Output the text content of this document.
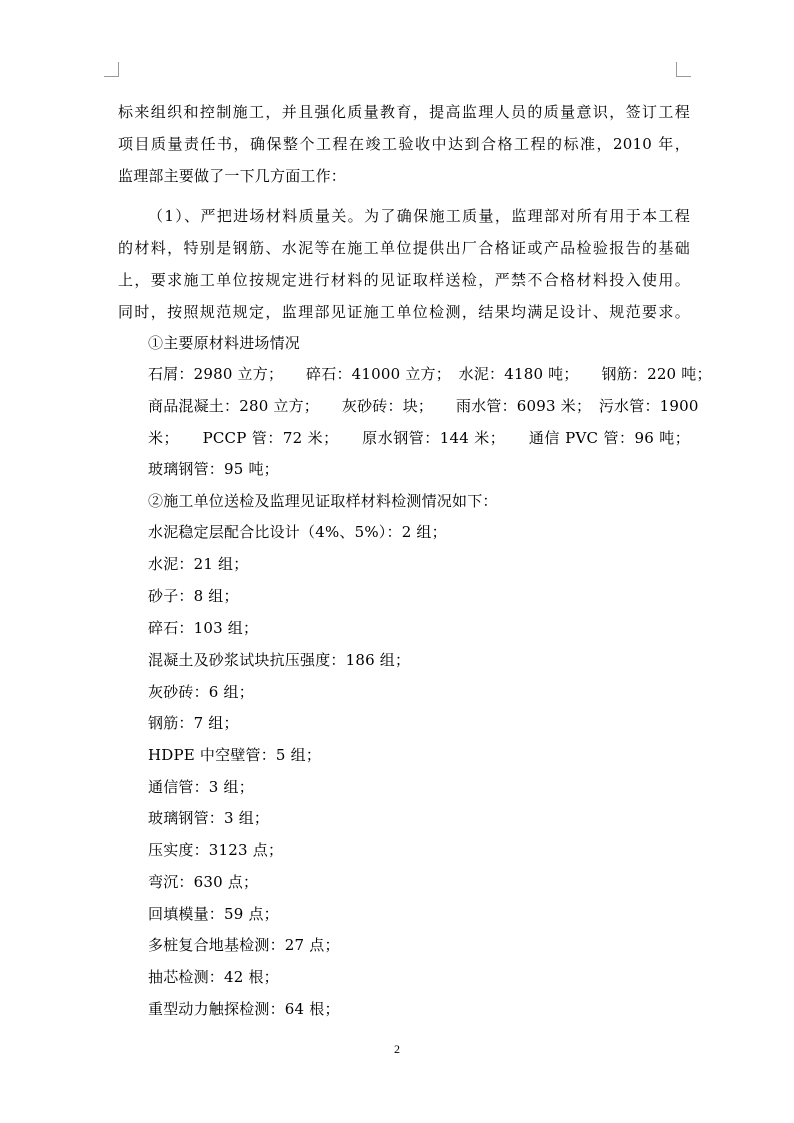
标来组织和控制施工，并且强化质量教育，提高监理人员的质量意识，签订工程
项目质量责任书，确保整个工程在竣工验收中达到合格工程的标准，2010 年，
监理部主要做了一下几方面工作：
（1）、严把进场材料质量关。为了确保施工质量，监理部对所有用于本工程
的材料，特别是钢筋、水泥等在施工单位提供出厂合格证或产品检验报告的基础
上，要求施工单位按规定进行材料的见证取样送检，严禁不合格材料投入使用。
同时，按照规范规定，监理部见证施工单位检测，结果均满足设计、规范要求。
①主要原材料进场情况
石屑：2980 立方；　　碎石：41000 立方；　水泥：4180 吨；　　钢筋：220 吨；
商品混凝土：280 立方；　　灰砂砖：块；　　雨水管：6093 米；　污水管：1900
米；　　PCCP 管：72 米；　　原水钢管：144 米；　　通信 PVC 管：96 吨；
玻璃钢管：95 吨；
②施工单位送检及监理见证取样材料检测情况如下：
水泥稳定层配合比设计（4%、5%）：2 组；
水泥：21 组；
砂子：8 组；
碎石：103 组；
混凝土及砂浆试块抗压强度：186 组；
灰砂砖：6 组；
钢筋：7 组；
HDPE 中空壁管：5 组；
通信管：3 组；
玻璃钢管：3 组；
压实度：3123 点；
弯沉：630 点；
回填模量：59 点；
多桩复合地基检测：27 点；
抽芯检测：42 根；
重型动力触探检测：64 根；
2
